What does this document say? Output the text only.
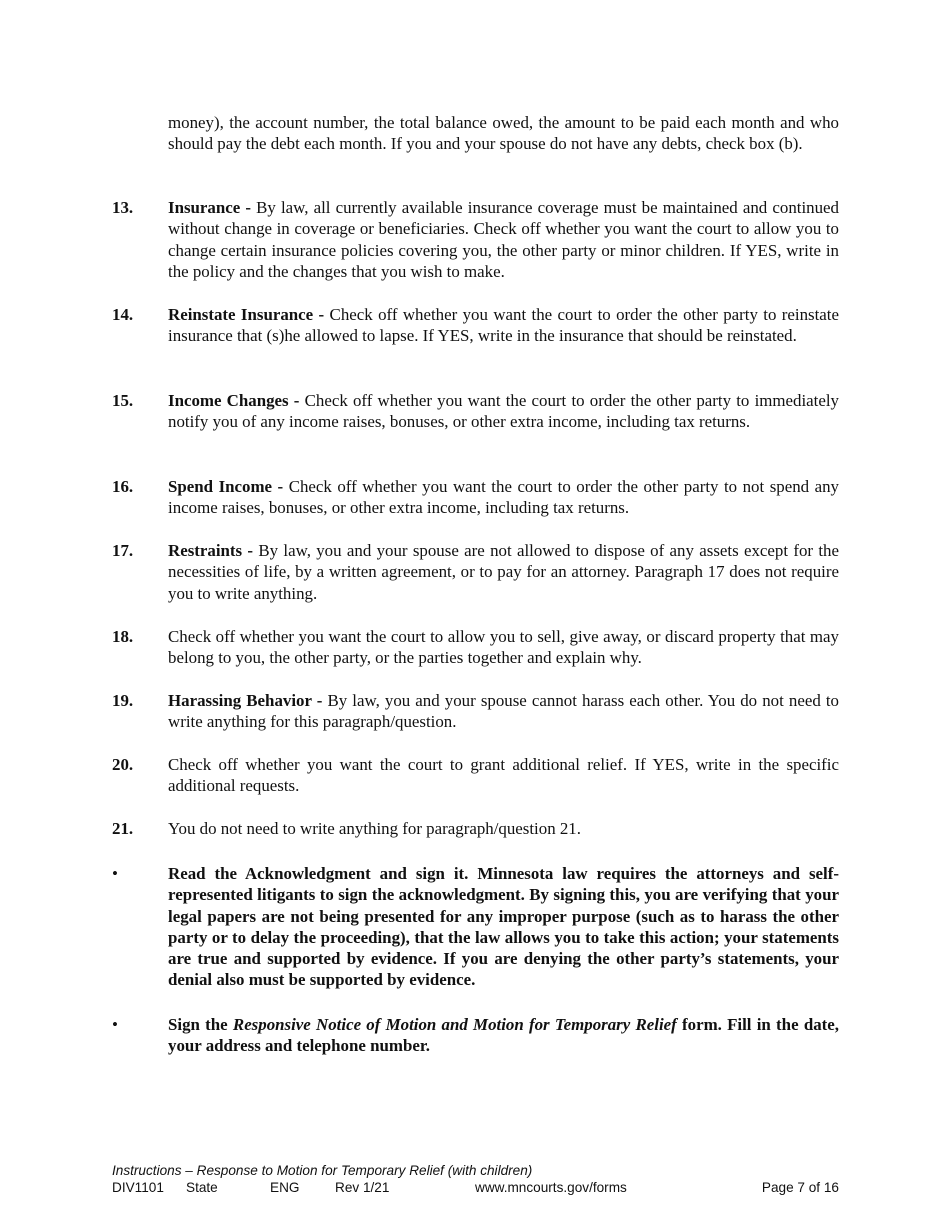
money), the account number, the total balance owed, the amount to be paid each month and who should pay the debt each month. If you and your spouse do not have any debts, check box (b).
13.	Insurance - By law, all currently available insurance coverage must be maintained and continued without change in coverage or beneficiaries. Check off whether you want the court to allow you to change certain insurance policies covering you, the other party or minor children. If YES, write in the policy and the changes that you wish to make.
14.	Reinstate Insurance - Check off whether you want the court to order the other party to reinstate insurance that (s)he allowed to lapse. If YES, write in the insurance that should be reinstated.
15.	Income Changes - Check off whether you want the court to order the other party to immediately notify you of any income raises, bonuses, or other extra income, including tax returns.
16.	Spend Income - Check off whether you want the court to order the other party to not spend any income raises, bonuses, or other extra income, including tax returns.
17.	Restraints - By law, you and your spouse are not allowed to dispose of any assets except for the necessities of life, by a written agreement, or to pay for an attorney. Paragraph 17 does not require you to write anything.
18.	Check off whether you want the court to allow you to sell, give away, or discard property that may belong to you, the other party, or the parties together and explain why.
19.	Harassing Behavior - By law, you and your spouse cannot harass each other. You do not need to write anything for this paragraph/question.
20.	Check off whether you want the court to grant additional relief. If YES, write in the specific additional requests.
21.	You do not need to write anything for paragraph/question 21.
•	Read the Acknowledgment and sign it. Minnesota law requires the attorneys and self-represented litigants to sign the acknowledgment. By signing this, you are verifying that your legal papers are not being presented for any improper purpose (such as to harass the other party or to delay the proceeding), that the law allows you to take this action; your statements are true and supported by evidence. If you are denying the other party’s statements, your denial also must be supported by evidence.
•	Sign the Responsive Notice of Motion and Motion for Temporary Relief form. Fill in the date, your address and telephone number.
Instructions – Response to Motion for Temporary Relief (with children)
DIV1101 State	ENG	Rev 1/21	www.mncourts.gov/forms	Page 7 of 16
